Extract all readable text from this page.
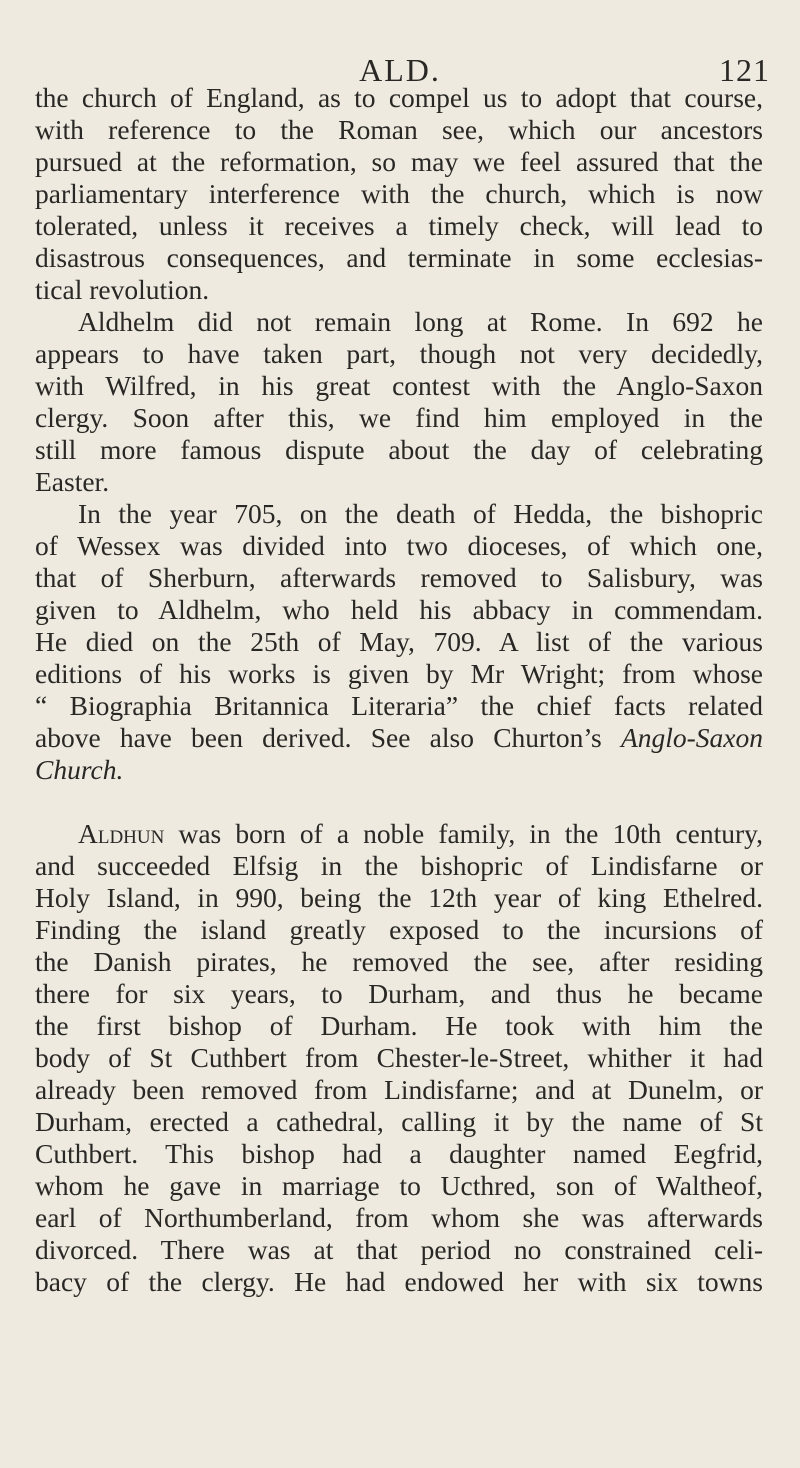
ALD.	121
the church of England, as to compel us to adopt that course,
with reference to the Roman see, which our ancestors
pursued at the reformation, so may we feel assured that the
parliamentary interference with the church, which is now
tolerated, unless it receives a timely check, will lead to
disastrous consequences, and terminate in some ecclesias-
tical revolution.
Aldhelm did not remain long at Rome. In 692 he
appears to have taken part, though not very decidedly,
with Wilfred, in his great contest with the Anglo-Saxon
clergy. Soon after this, we find him employed in the
still more famous dispute about the day of celebrating
Easter.
In the year 705, on the death of Hedda, the bishopric
of Wessex was divided into two dioceses, of which one,
that of Sherburn, afterwards removed to Salisbury, was
given to Aldhelm, who held his abbacy in commendam.
He died on the 25th of May, 709. A list of the various
editions of his works is given by Mr Wright; from whose
“ Biographia Britannica Literaria” the chief facts related
above have been derived. See also Churton’s Anglo-Saxon
Church.
Aldhun was born of a noble family, in the 10th century,
and succeeded Elfsig in the bishopric of Lindisfarne or
Holy Island, in 990, being the 12th year of king Ethelred.
Finding the island greatly exposed to the incursions of
the Danish pirates, he removed the see, after residing
there for six years, to Durham, and thus he became
the first bishop of Durham. He took with him the
body of St Cuthbert from Chester-le-Street, whither it had
already been removed from Lindisfarne; and at Dunelm, or
Durham, erected a cathedral, calling it by the name of St
Cuthbert. This bishop had a daughter named Eegfrid,
whom he gave in marriage to Ucthred, son of Waltheof,
earl of Northumberland, from whom she was afterwards
divorced. There was at that period no constrained celi-
bacy of the clergy. He had endowed her with six towns
